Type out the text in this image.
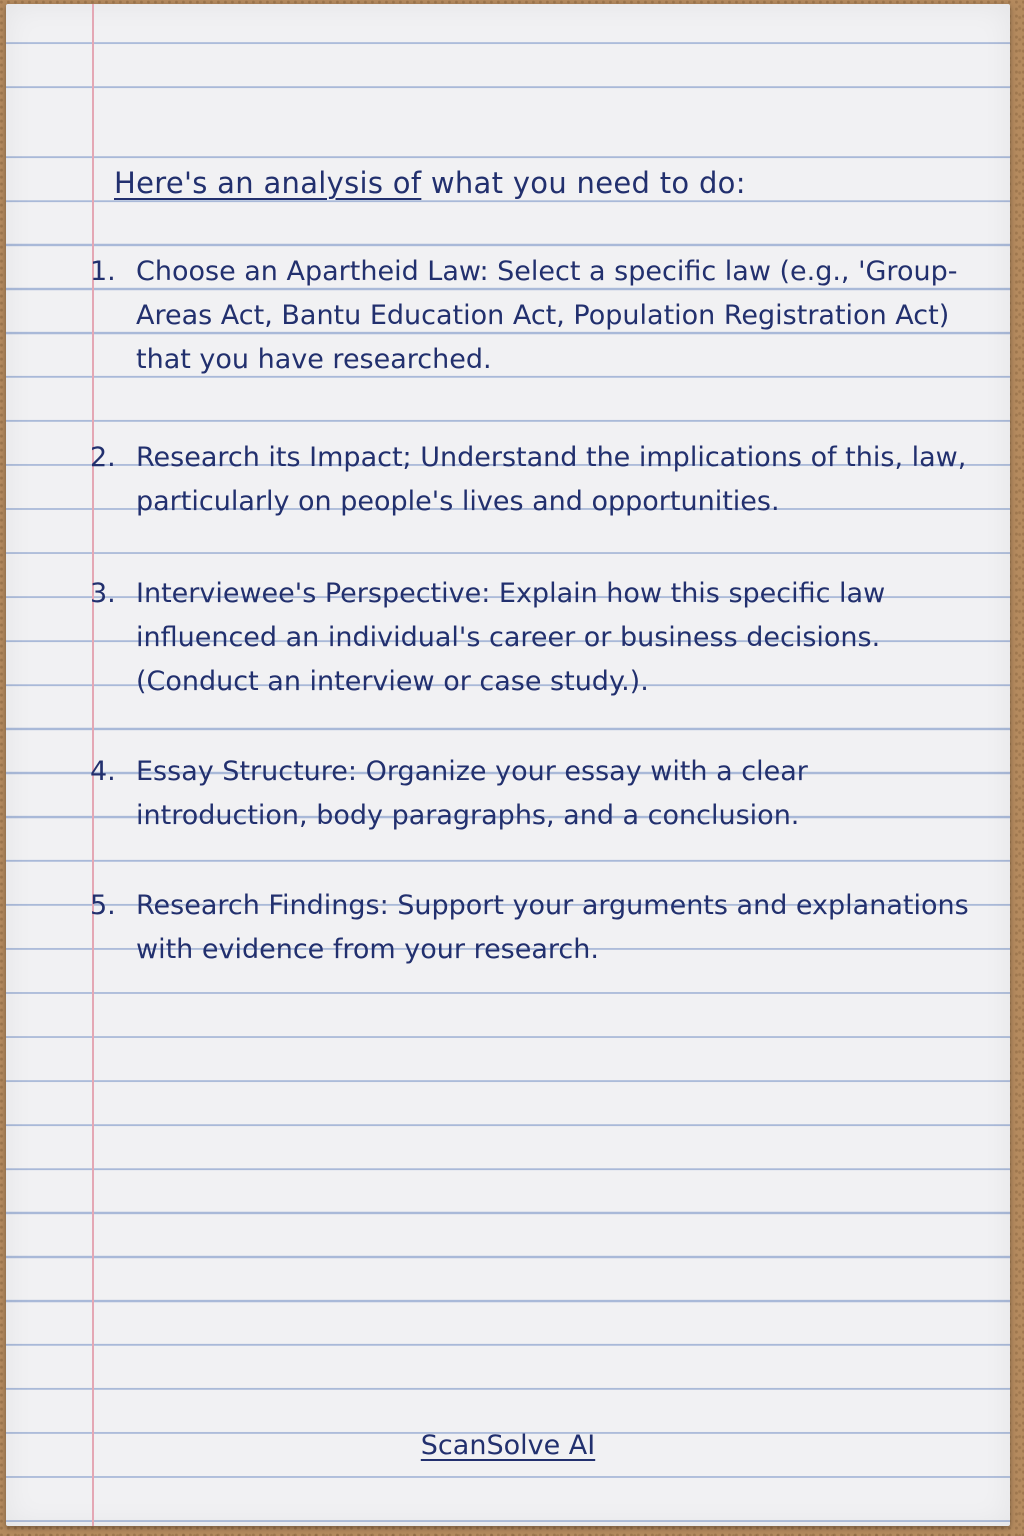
Here's an analysis of what you need to do:
1. Choose an Apartheid Law: Select a specific law (e.g., 'Group-Areas Act, Bantu Education Act, Population Registration Act) that you have researched.
2. Research its Impact; Understand the implications of this, law, particularly on people's lives and opportunities.
3. Interviewee's Perspective: Explain how this specific law influenced an individual's career or business decisions. (Conduct an interview or case study.).
4. Essay Structure: Organize your essay with a clear introduction, body paragraphs, and a conclusion.
5. Research Findings: Support your arguments and explanations with evidence from your research.
ScanSolve AI
